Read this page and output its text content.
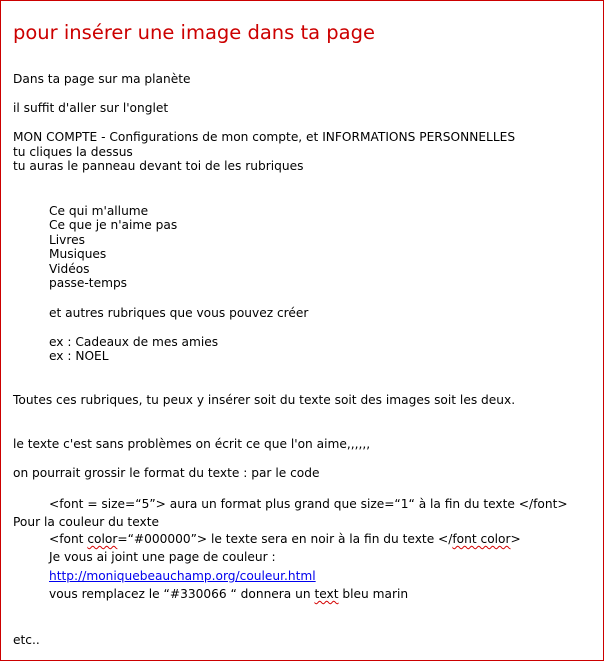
pour insérer une image dans ta page
Dans ta page sur ma planète
il suffit d'aller sur l'onglet
MON COMPTE - Configurations de mon compte, et INFORMATIONS PERSONNELLES
tu cliques la dessus
tu auras le panneau devant toi de les rubriques
Ce qui m'allume
Ce que je n'aime pas
Livres
Musiques
Vidéos
passe-temps
et autres rubriques que vous pouvez créer
ex : Cadeaux de mes amies
ex : NOEL
Toutes ces rubriques, tu peux y insérer soit du texte soit des images soit les deux.
le texte c'est sans problèmes on écrit ce que l'on aime,,,,,,
on pourrait grossir le format du texte : par le code
<font = size=“5”> aura un format plus grand que size=“1“ à la fin du texte </font>
Pour la couleur du texte
<font color=“#000000”> le texte sera en noir à la fin du texte </font color>
Je vous ai joint une page de couleur :
http://moniquebeauchamp.org/couleur.html
vous remplacez le “#330066 “ donnera un text bleu marin
etc..
